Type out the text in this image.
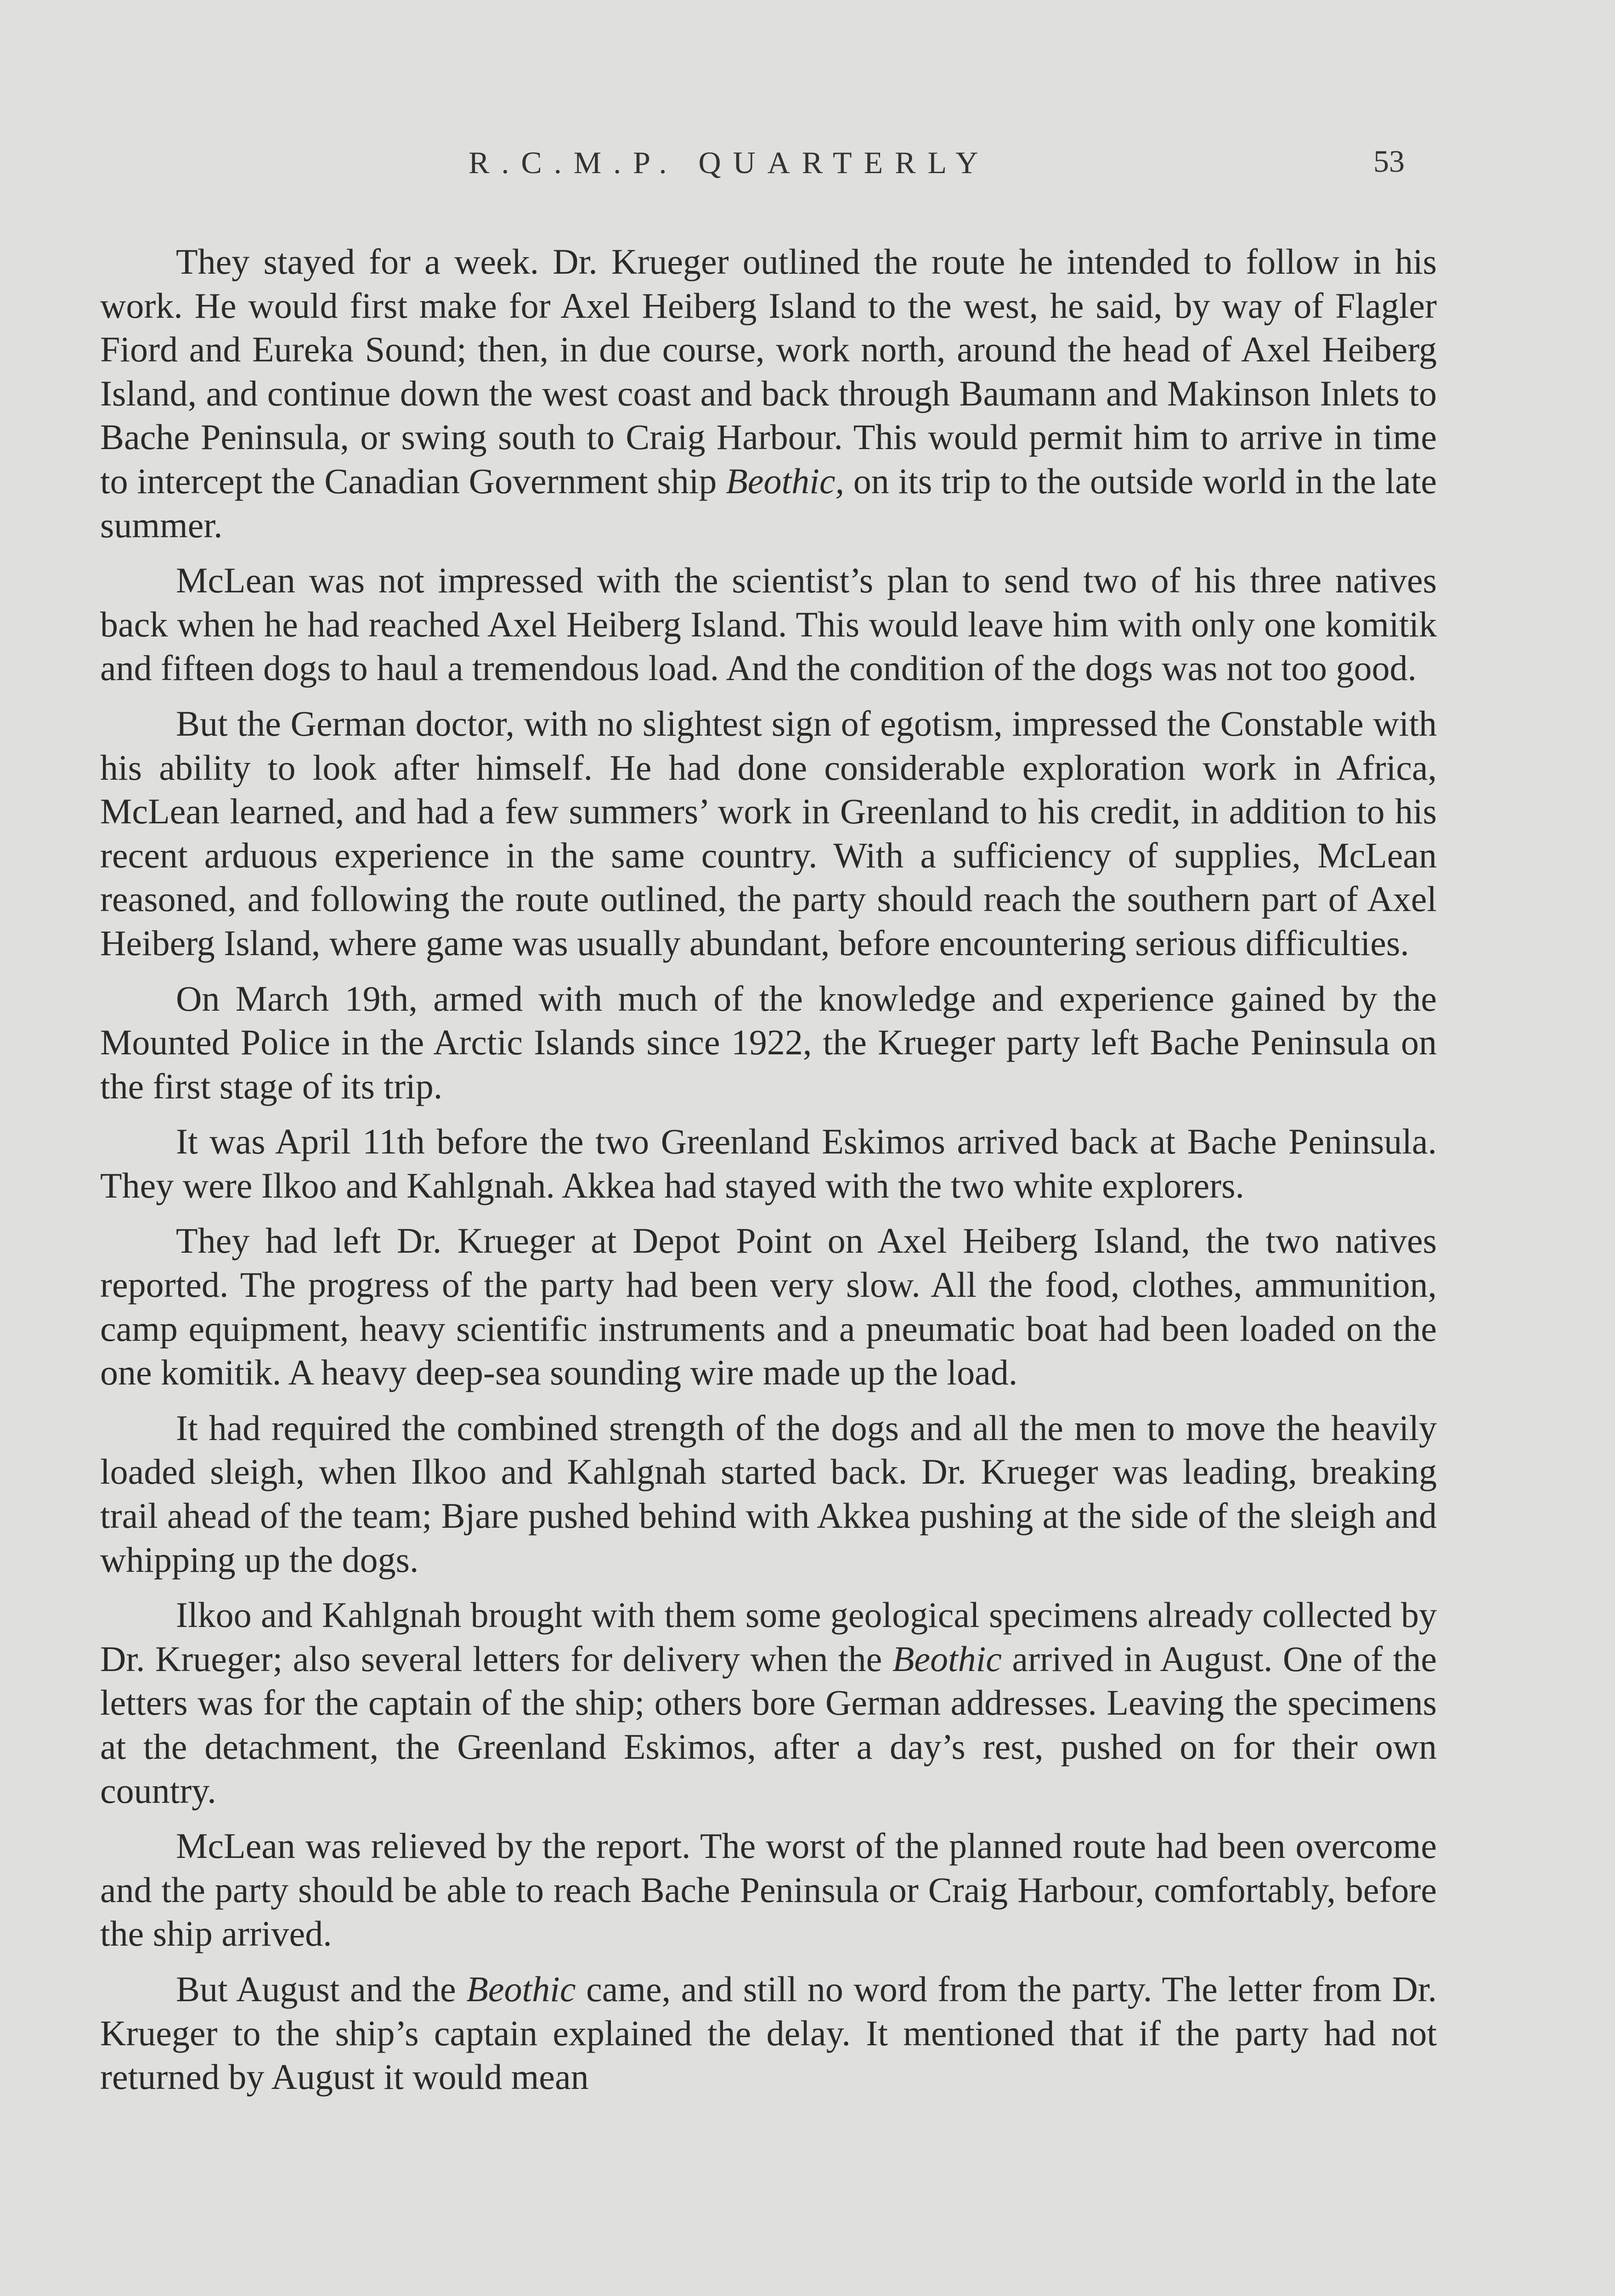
R.C.M.P. QUARTERLY	53

They stayed for a week. Dr. Krueger outlined the route he intended to follow in his work. He would first make for Axel Heiberg Island to the west, he said, by way of Flagler Fiord and Eureka Sound; then, in due course, work north, around the head of Axel Heiberg Island, and continue down the west coast and back through Baumann and Makinson Inlets to Bache Peninsula, or swing south to Craig Harbour. This would permit him to arrive in time to intercept the Canadian Government ship Beothic, on its trip to the outside world in the late summer.

McLean was not impressed with the scientist’s plan to send two of his three natives back when he had reached Axel Heiberg Island. This would leave him with only one komitik and fifteen dogs to haul a tremendous load. And the condition of the dogs was not too good.

But the German doctor, with no slightest sign of egotism, impressed the Constable with his ability to look after himself. He had done considerable exploration work in Africa, McLean learned, and had a few summers’ work in Greenland to his credit, in addition to his recent arduous experience in the same country. With a sufficiency of supplies, McLean reasoned, and following the route outlined, the party should reach the southern part of Axel Heiberg Island, where game was usually abundant, before encountering serious difficulties.

On March 19th, armed with much of the knowledge and experience gained by the Mounted Police in the Arctic Islands since 1922, the Krueger party left Bache Peninsula on the first stage of its trip.

It was April 11th before the two Greenland Eskimos arrived back at Bache Peninsula. They were Ilkoo and Kahlgnah. Akkea had stayed with the two white explorers.

They had left Dr. Krueger at Depot Point on Axel Heiberg Island, the two natives reported. The progress of the party had been very slow. All the food, clothes, ammunition, camp equipment, heavy scientific instruments and a pneumatic boat had been loaded on the one komitik. A heavy deep-sea sounding wire made up the load.

It had required the combined strength of the dogs and all the men to move the heavily loaded sleigh, when Ilkoo and Kahlgnah started back. Dr. Krueger was leading, breaking trail ahead of the team; Bjare pushed behind with Akkea pushing at the side of the sleigh and whipping up the dogs.

Ilkoo and Kahlgnah brought with them some geological specimens already collected by Dr. Krueger; also several letters for delivery when the Beothic arrived in August. One of the letters was for the captain of the ship; others bore German addresses. Leaving the specimens at the detachment, the Greenland Eskimos, after a day’s rest, pushed on for their own country.

McLean was relieved by the report. The worst of the planned route had been overcome and the party should be able to reach Bache Peninsula or Craig Harbour, comfortably, before the ship arrived.

But August and the Beothic came, and still no word from the party. The letter from Dr. Krueger to the ship’s captain explained the delay. It mentioned that if the party had not returned by August it would mean
